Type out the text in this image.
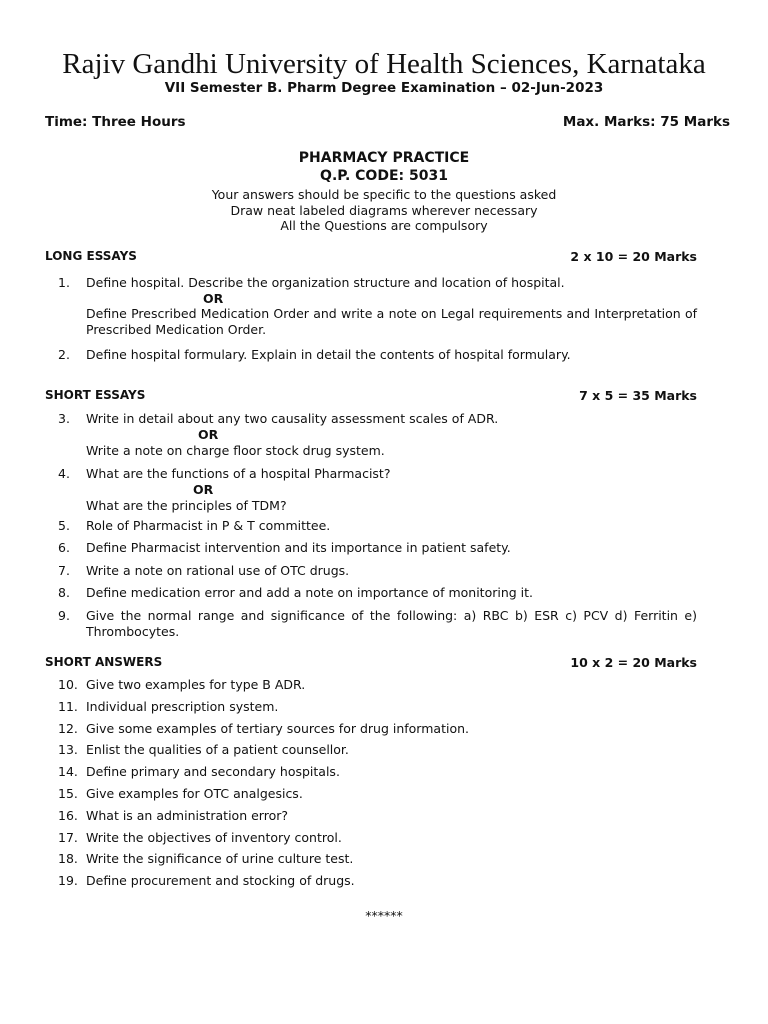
Rajiv Gandhi University of Health Sciences, Karnataka
VII Semester B. Pharm Degree Examination – 02-Jun-2023
Time: Three Hours	Max. Marks: 75 Marks
PHARMACY PRACTICE
Q.P. CODE: 5031
Your answers should be specific to the questions asked
Draw neat labeled diagrams wherever necessary
All the Questions are compulsory
LONG ESSAYS	2 x 10 = 20 Marks
1.	Define hospital. Describe the organization structure and location of hospital.
OR
Define Prescribed Medication Order and write a note on Legal requirements and Interpretation of Prescribed Medication Order.
2.	Define hospital formulary. Explain in detail the contents of hospital formulary.
SHORT ESSAYS	7 x 5 = 35 Marks
3.	Write in detail about any two causality assessment scales of ADR.
OR
Write a note on charge floor stock drug system.
4.	What are the functions of a hospital Pharmacist?
OR
What are the principles of TDM?
5.	Role of Pharmacist in P & T committee.
6.	Define Pharmacist intervention and its importance in patient safety.
7.	Write a note on rational use of OTC drugs.
8.	Define medication error and add a note on importance of monitoring it.
9.	Give the normal range and significance of the following: a) RBC b) ESR c) PCV d) Ferritin e) Thrombocytes.
SHORT ANSWERS	10 x 2 = 20 Marks
10. Give two examples for type B ADR.
11. Individual prescription system.
12. Give some examples of tertiary sources for drug information.
13. Enlist the qualities of a patient counsellor.
14. Define primary and secondary hospitals.
15. Give examples for OTC analgesics.
16. What is an administration error?
17. Write the objectives of inventory control.
18. Write the significance of urine culture test.
19. Define procurement and stocking of drugs.
******
